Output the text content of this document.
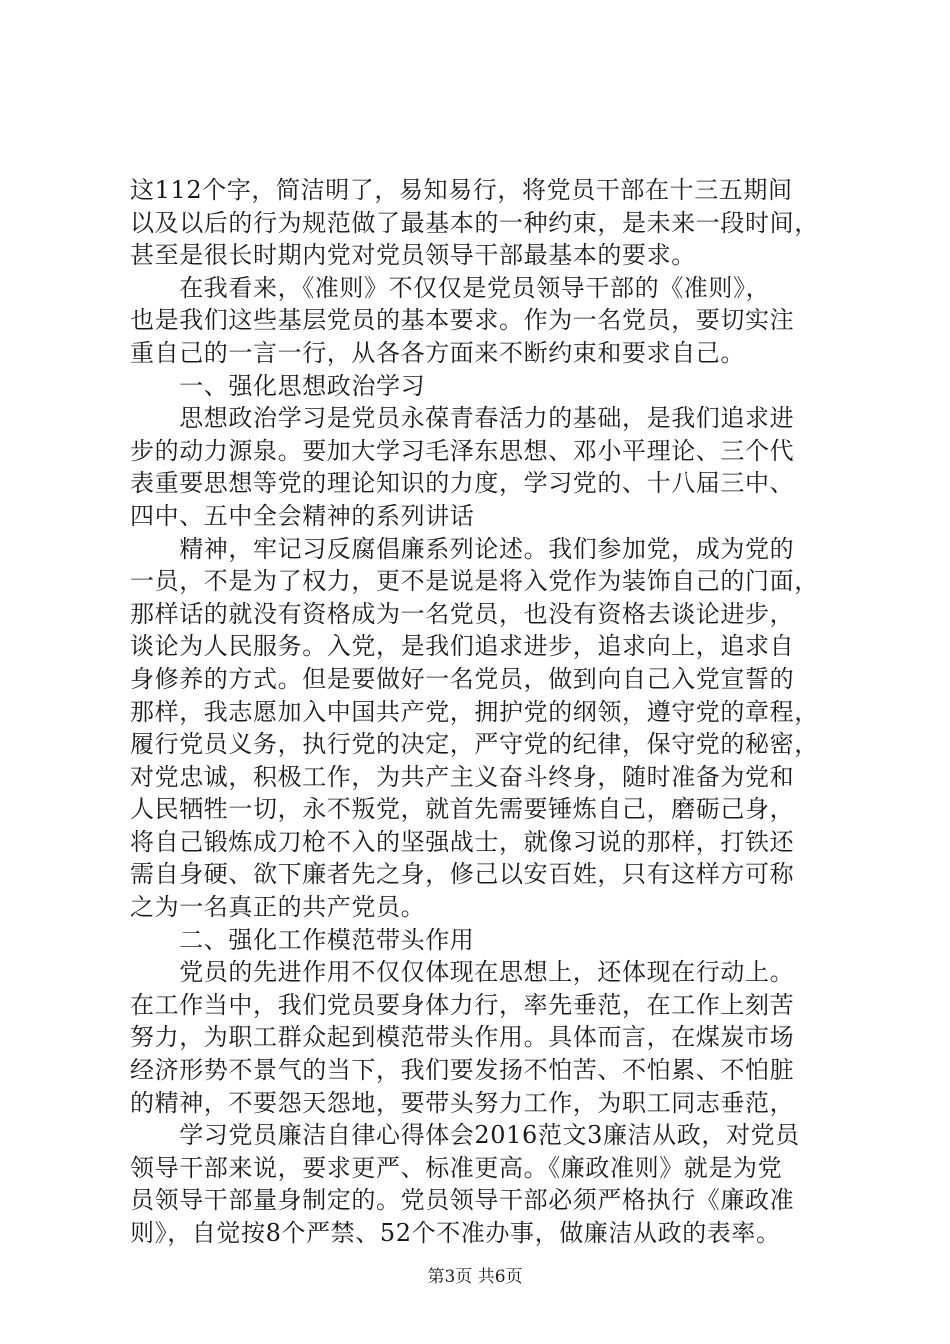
这112个字，简洁明了，易知易行，将党员干部在十三五期间
以及以后的行为规范做了最基本的一种约束，是未来一段时间，
甚至是很长时期内党对党员领导干部最基本的要求。
　　在我看来，《准则》不仅仅是党员领导干部的《准则》，
也是我们这些基层党员的基本要求。作为一名党员，要切实注
重自己的一言一行，从各各方面来不断约束和要求自己。
　　一、强化思想政治学习
　　思想政治学习是党员永葆青春活力的基础，是我们追求进
步的动力源泉。要加大学习毛泽东思想、邓小平理论、三个代
表重要思想等党的理论知识的力度，学习党的、十八届三中、
四中、五中全会精神的系列讲话
　　精神，牢记习反腐倡廉系列论述。我们参加党，成为党的
一员，不是为了权力，更不是说是将入党作为装饰自己的门面，
那样话的就没有资格成为一名党员，也没有资格去谈论进步，
谈论为人民服务。入党，是我们追求进步，追求向上，追求自
身修养的方式。但是要做好一名党员，做到向自己入党宣誓的
那样，我志愿加入中国共产党，拥护党的纲领，遵守党的章程，
履行党员义务，执行党的决定，严守党的纪律，保守党的秘密，
对党忠诚，积极工作，为共产主义奋斗终身，随时准备为党和
人民牺牲一切，永不叛党，就首先需要锤炼自己，磨砺己身，
将自己锻炼成刀枪不入的坚强战士，就像习说的那样，打铁还
需自身硬、欲下廉者先之身，修己以安百姓，只有这样方可称
之为一名真正的共产党员。
　　二、强化工作模范带头作用
　　党员的先进作用不仅仅体现在思想上，还体现在行动上。
在工作当中，我们党员要身体力行，率先垂范，在工作上刻苦
努力，为职工群众起到模范带头作用。具体而言，在煤炭市场
经济形势不景气的当下，我们要发扬不怕苦、不怕累、不怕脏
的精神，不要怨天怨地，要带头努力工作，为职工同志垂范，
　　学习党员廉洁自律心得体会2016范文3廉洁从政，对党员
领导干部来说，要求更严、标准更高。《廉政准则》就是为党
员领导干部量身制定的。党员领导干部必须严格执行《廉政准
则》，自觉按8个严禁、52个不准办事，做廉洁从政的表率。
第3页 共6页
